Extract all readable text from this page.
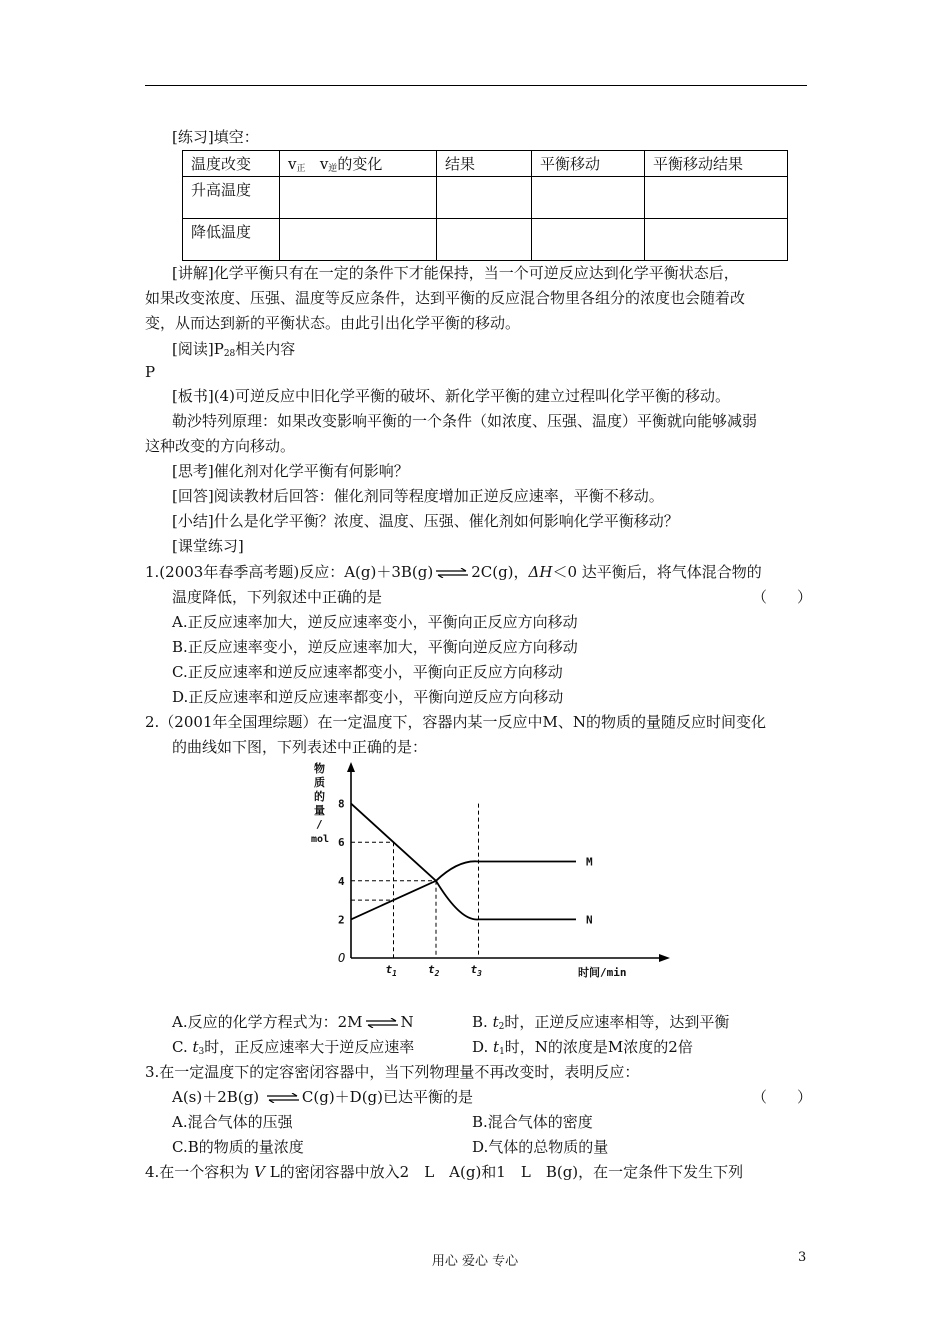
[练习]填空：
温度改变	$v_正$ $v_逆$的变化	结果	平衡移动	平衡移动结果
升高温度				
降低温度				
[讲解]化学平衡只有在一定的条件下才能保持，当一个可逆反应达到化学平衡状态后，
如果改变浓度、压强、温度等反应条件，达到平衡的反应混合物里各组分的浓度也会随着改
变，从而达到新的平衡状态。由此引出化学平衡的移动。
[阅读]$P_{28}$相关内容
P
[板书](4)可逆反应中旧化学平衡的破坏、新化学平衡的建立过程叫化学平衡的移动。
勒沙特列原理：如果改变影响平衡的一个条件（如浓度、压强、温度）平衡就向能够减弱
这种改变的方向移动。
[思考]催化剂对化学平衡有何影响？
[回答]阅读教材后回答：催化剂同等程度增加正逆反应速率，平衡不移动。
[小结]什么是化学平衡？浓度、温度、压强、催化剂如何影响化学平衡移动？
[课堂练习]
1.(2003年春季高考题)反应：A(g)＋3B(g) ⇌ 2C(g)，ΔH＜0 达平衡后，将气体混合物的
温度降低，下列叙述中正确的是	（　　）
A.正反应速率加大，逆反应速率变小，平衡向正反应方向移动
B.正反应速率变小，逆反应速率加大，平衡向逆反应方向移动
C.正反应速率和逆反应速率都变小，平衡向正反应方向移动
D.正反应速率和逆反应速率都变小，平衡向逆反应方向移动
2.（2001年全国理综题）在一定温度下，容器内某一反应中M、N的物质的量随反应时间变化
的曲线如下图，下列表述中正确的是：
物
质
的
量
/
mol
O
时间/min
2
4
6
8
$t_1$	$t_2$	$t_3$
N
M
A.反应的化学方程式为：2M ⇌ N	B. $t_2$时，正逆反应速率相等，达到平衡
C. $t_3$时，正反应速率大于逆反应速率	D. $t_1$时，N的浓度是M浓度的2倍
3.在一定温度下的定容密闭容器中，当下列物理量不再改变时，表明反应：
A(s)＋2B(g) ⇌ C(g)＋D(g)已达平衡的是	（　　）
A.混合气体的压强	B.混合气体的密度
C.B的物质的量浓度	D.气体的总物质的量
4.在一个容积为 V L的密闭容器中放入2　L　A(g)和1　L　B(g)，在一定条件下发生下列
用心 爱心 专心	3
